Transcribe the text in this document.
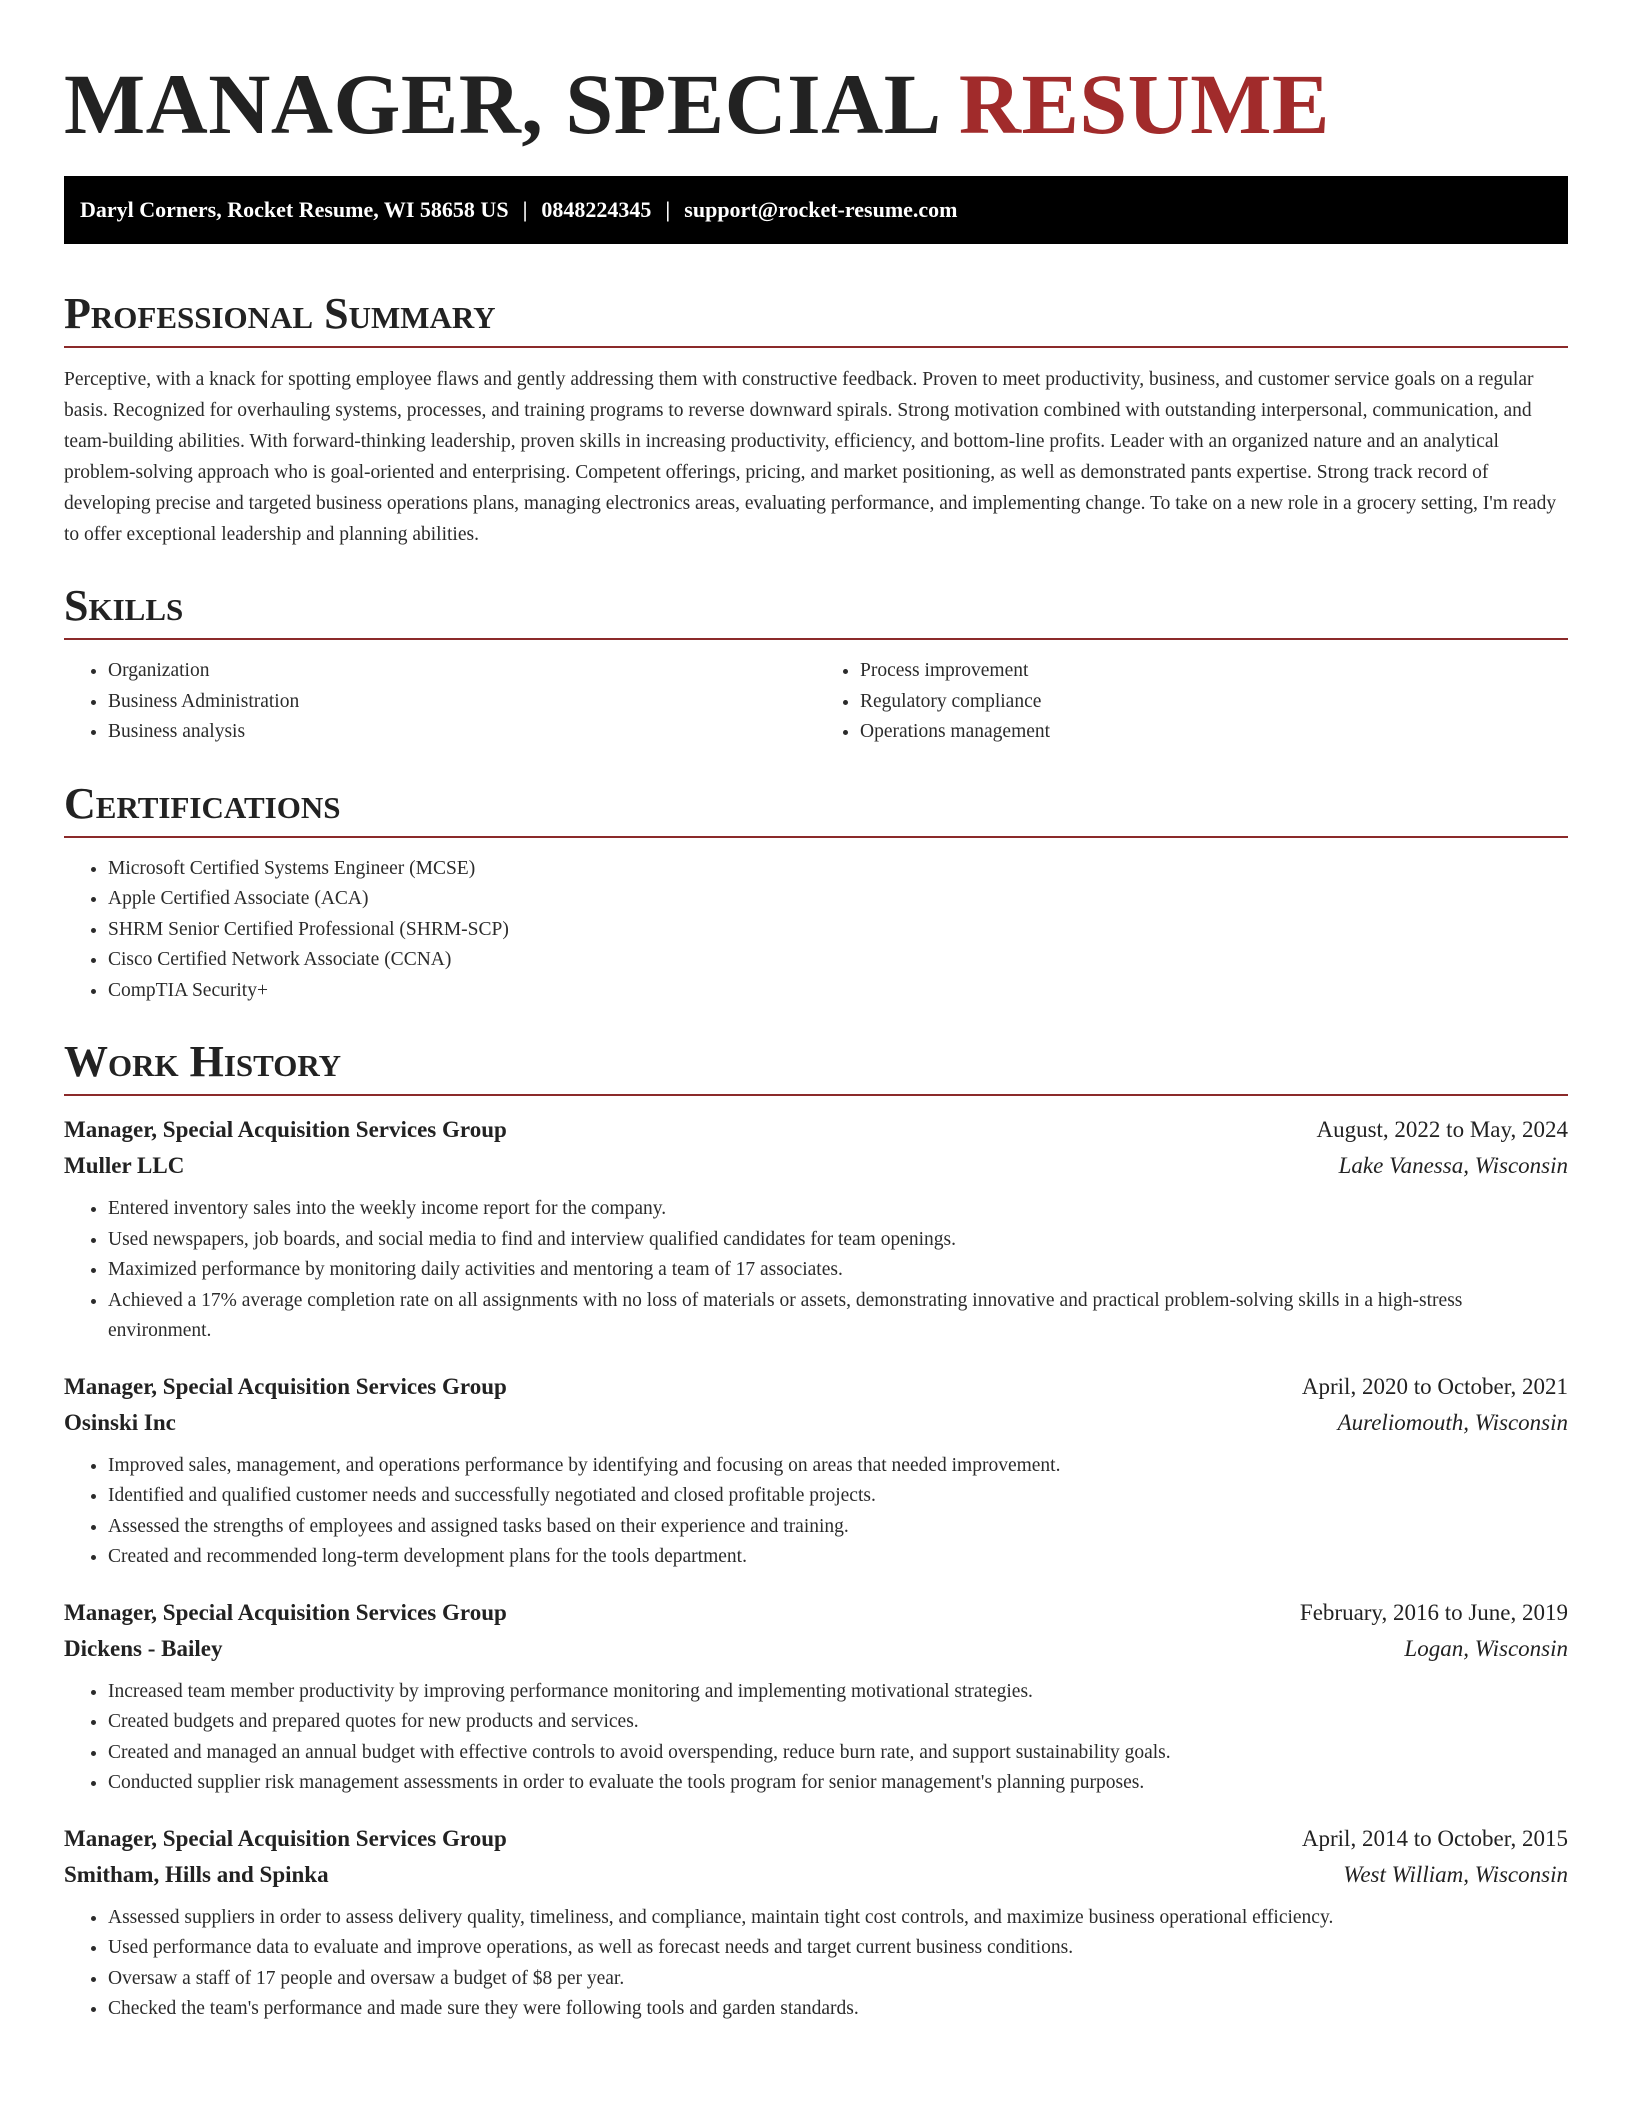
MANAGER, SPECIAL RESUME
Daryl Corners, Rocket Resume, WI 58658 US | 0848224345 | support@rocket-resume.com
Professional Summary

Perceptive, with a knack for spotting employee flaws and gently addressing them with constructive feedback. Proven to meet productivity, business, and customer service goals on a regular basis. Recognized for overhauling systems, processes, and training programs to reverse downward spirals. Strong motivation combined with outstanding interpersonal, communication, and team-building abilities. With forward-thinking leadership, proven skills in increasing productivity, efficiency, and bottom-line profits. Leader with an organized nature and an analytical problem-solving approach who is goal-oriented and enterprising. Competent offerings, pricing, and market positioning, as well as demonstrated pants expertise. Strong track record of developing precise and targeted business operations plans, managing electronics areas, evaluating performance, and implementing change. To take on a new role in a grocery setting, I'm ready to offer exceptional leadership and planning abilities.

Skills
• Organization
• Business Administration
• Business analysis
• Process improvement
• Regulatory compliance
• Operations management
Certifications
• Microsoft Certified Systems Engineer (MCSE)
• Apple Certified Associate (ACA)
• SHRM Senior Certified Professional (SHRM-SCP)
• Cisco Certified Network Associate (CCNA)
• CompTIA Security+
Work History
Manager, Special Acquisition Services Group	August, 2022 to May, 2024
Muller LLC	Lake Vanessa, Wisconsin
• Entered inventory sales into the weekly income report for the company.
• Used newspapers, job boards, and social media to find and interview qualified candidates for team openings.
• Maximized performance by monitoring daily activities and mentoring a team of 17 associates.
• Achieved a 17% average completion rate on all assignments with no loss of materials or assets, demonstrating innovative and practical problem-solving skills in a high-stress environment.
Manager, Special Acquisition Services Group	April, 2020 to October, 2021
Osinski Inc	Aureliomouth, Wisconsin
• Improved sales, management, and operations performance by identifying and focusing on areas that needed improvement.
• Identified and qualified customer needs and successfully negotiated and closed profitable projects.
• Assessed the strengths of employees and assigned tasks based on their experience and training.
• Created and recommended long-term development plans for the tools department.
Manager, Special Acquisition Services Group	February, 2016 to June, 2019
Dickens - Bailey	Logan, Wisconsin
• Increased team member productivity by improving performance monitoring and implementing motivational strategies.
• Created budgets and prepared quotes for new products and services.
• Created and managed an annual budget with effective controls to avoid overspending, reduce burn rate, and support sustainability goals.
• Conducted supplier risk management assessments in order to evaluate the tools program for senior management's planning purposes.
Manager, Special Acquisition Services Group	April, 2014 to October, 2015
Smitham, Hills and Spinka	West William, Wisconsin
• Assessed suppliers in order to assess delivery quality, timeliness, and compliance, maintain tight cost controls, and maximize business operational efficiency.
• Used performance data to evaluate and improve operations, as well as forecast needs and target current business conditions.
• Oversaw a staff of 17 people and oversaw a budget of $8 per year.
• Checked the team's performance and made sure they were following tools and garden standards.
